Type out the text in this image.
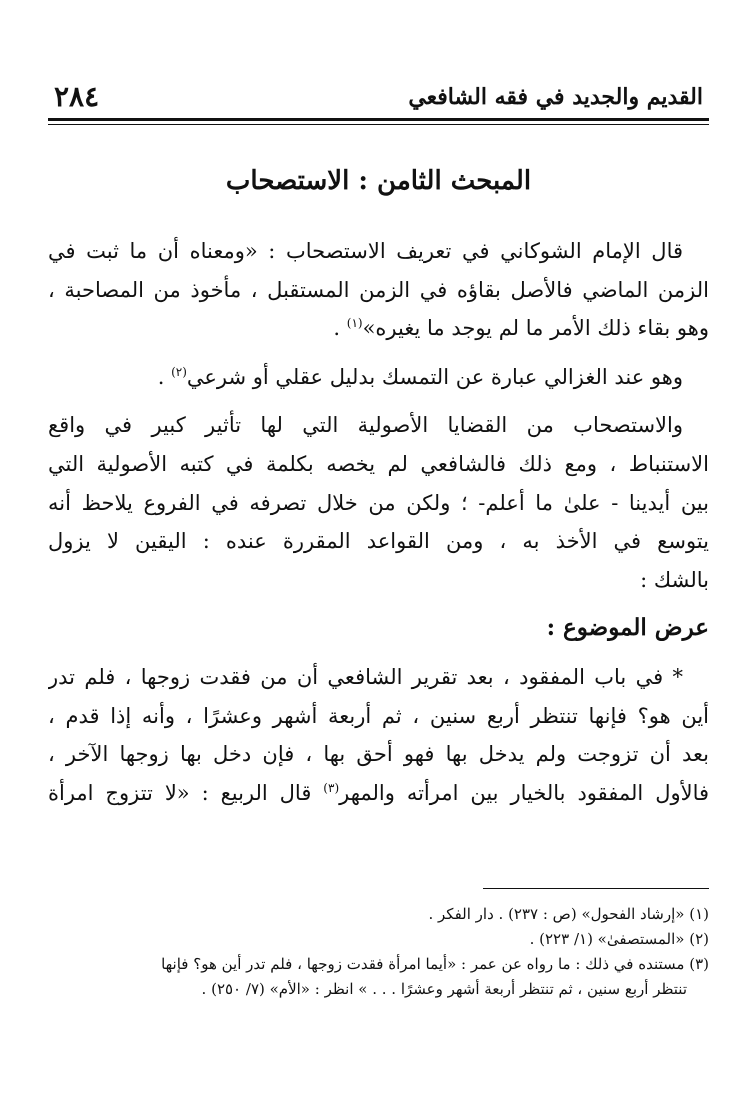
القديم والجديد في فقه الشافعي
٢٨٤
المبحث الثامن : الاستصحاب
قال الإمام الشوكاني في تعريف الاستصحاب : «ومعناه أن ما ثبت في
الزمن الماضي فالأصل بقاؤه في الزمن المستقبل ، مأخوذ من المصاحبة ،
وهو بقاء ذلك الأمر ما لم يوجد ما يغيره»$^{(١)}$ .
وهو عند الغزالي عبارة عن التمسك بدليل عقلي أو شرعي$^{(٢)}$ .
والاستصحاب من القضايا الأصولية التي لها تأثير كبير في واقع
الاستنباط ، ومع ذلك فالشافعي لم يخصه بكلمة في كتبه الأصولية التي
بين أيدينا - علىٰ ما أعلم- ؛ ولكن من خلال تصرفه في الفروع يلاحظ أنه
يتوسع في الأخذ به ، ومن القواعد المقررة عنده : اليقين لا يزول
بالشك :
عرض الموضوع :
* في باب المفقود ، بعد تقرير الشافعي أن من فقدت زوجها ، فلم تدر
أين هو؟ فإنها تنتظر أربع سنين ، ثم أربعة أشهر وعشرًا ، وأنه إذا قدم ،
بعد أن تزوجت ولم يدخل بها فهو أحق بها ، فإن دخل بها زوجها الآخر ،
فالأول المفقود بالخيار بين امرأته والمهر$^{(٣)}$ قال الربيع : «لا تتزوج امرأة
(١) «إرشاد الفحول» (ص : ٢٣٧) . دار الفكر .
(٢) «المستصفىٰ» (١/ ٢٢٣) .
(٣) مستنده في ذلك : ما رواه عن عمر : «أيما امرأة فقدت زوجها ، فلم تدر أين هو؟ فإنها
تنتظر أربع سنين ، ثم تنتظر أربعة أشهر وعشرًا . . . » انظر : «الأم» (٧/ ٢٥٠) .
